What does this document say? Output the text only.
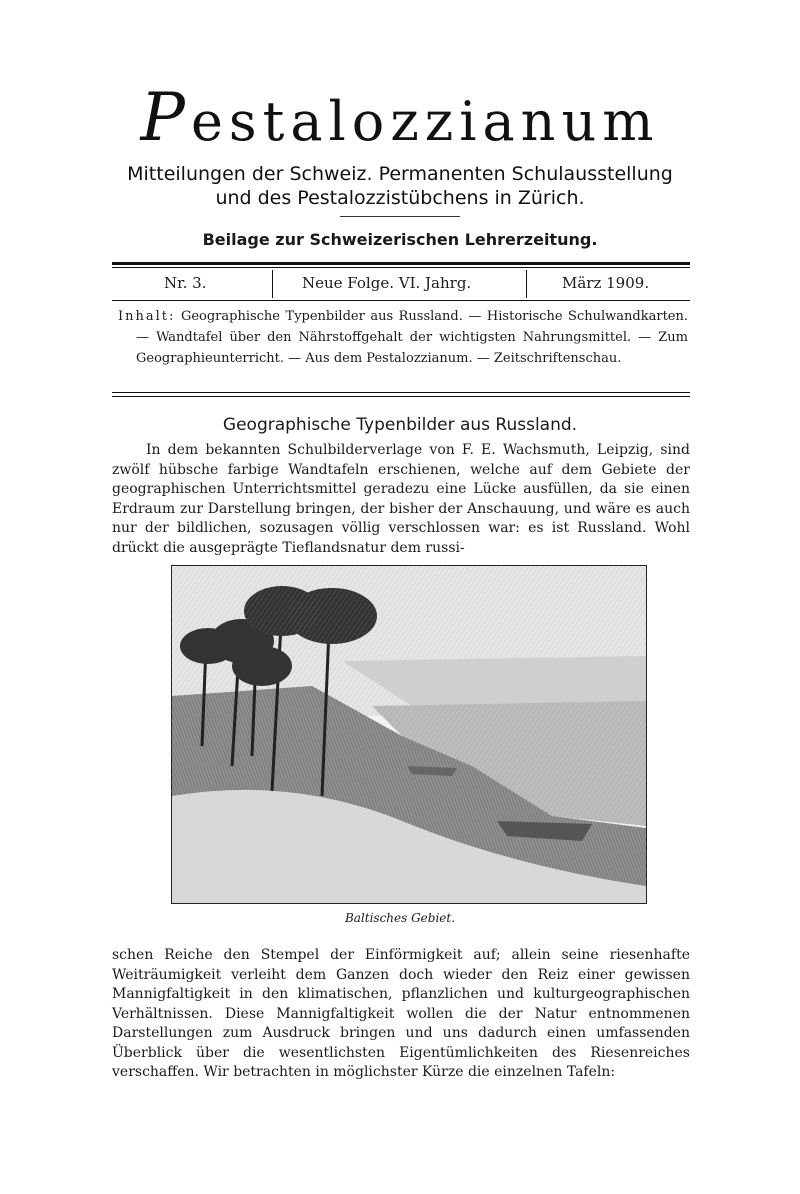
Pestalozzianum
Mitteilungen der Schweiz. Permanenten Schulausstellung
und des Pestalozzistübchens in Zürich.
Beilage zur Schweizerischen Lehrerzeitung.
Nr. 3.	Neue Folge. VI. Jahrg.	März 1909.

Inhalt: Geographische Typenbilder aus Russland. — Historische Schulwandkarten. — Wandtafel über den Nährstoffgehalt der wichtigsten Nahrungsmittel. — Zum Geographieunterricht. — Aus dem Pestalozzianum. — Zeitschriftenschau.

Geographische Typenbilder aus Russland.

In dem bekannten Schulbilderverlage von F. E. Wachsmuth, Leipzig, sind zwölf hübsche farbige Wandtafeln erschienen, welche auf dem Gebiete der geographischen Unterrichtsmittel geradezu eine Lücke ausfüllen, da sie einen Erdraum zur Darstellung bringen, der bisher der Anschauung, und wäre es auch nur der bildlichen, sozusagen völlig verschlossen war: es ist Russland. Wohl drückt die ausgeprägte Tieflandsnatur dem russi-

Baltisches Gebiet.

schen Reiche den Stempel der Einförmigkeit auf; allein seine riesenhafte Weiträumigkeit verleiht dem Ganzen doch wieder den Reiz einer gewissen Mannigfaltigkeit in den klimatischen, pflanzlichen und kulturgeographischen Verhältnissen. Diese Mannigfaltigkeit wollen die der Natur entnommenen Darstellungen zum Ausdruck bringen und uns dadurch einen umfassenden Überblick über die wesentlichsten Eigentümlichkeiten des Riesenreiches verschaffen. Wir betrachten in möglichster Kürze die einzelnen Tafeln:
